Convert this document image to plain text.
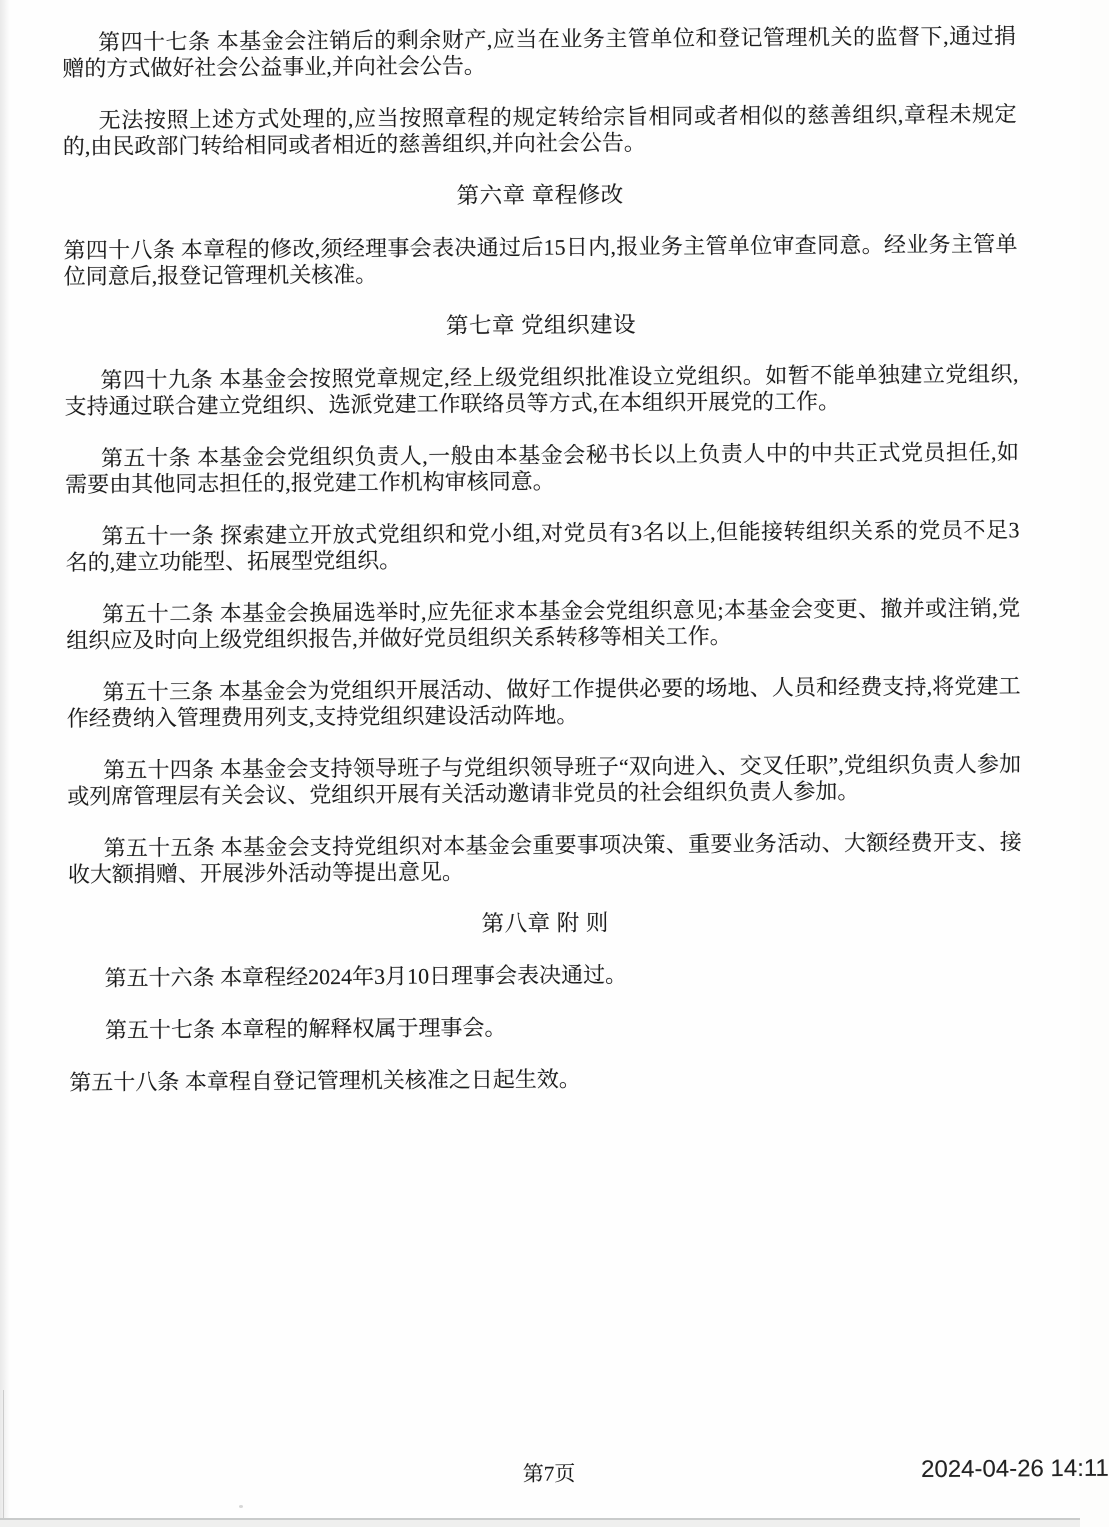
第四十七条 本基金会注销后的剩余财产,应当在业务主管单位和登记管理机关的监督下,通过捐赠的方式做好社会公益事业,并向社会公告。

无法按照上述方式处理的,应当按照章程的规定转给宗旨相同或者相似的慈善组织,章程未规定的,由民政部门转给相同或者相近的慈善组织,并向社会公告。

第六章 章程修改

第四十八条 本章程的修改,须经理事会表决通过后15日内,报业务主管单位审查同意。经业务主管单位同意后,报登记管理机关核准。

第七章 党组织建设

第四十九条 本基金会按照党章规定,经上级党组织批准设立党组织。如暂不能单独建立党组织,支持通过联合建立党组织、选派党建工作联络员等方式,在本组织开展党的工作。

第五十条 本基金会党组织负责人,一般由本基金会秘书长以上负责人中的中共正式党员担任,如需要由其他同志担任的,报党建工作机构审核同意。

第五十一条 探索建立开放式党组织和党小组,对党员有3名以上,但能接转组织关系的党员不足3名的,建立功能型、拓展型党组织。

第五十二条 本基金会换届选举时,应先征求本基金会党组织意见;本基金会变更、撤并或注销,党组织应及时向上级党组织报告,并做好党员组织关系转移等相关工作。

第五十三条 本基金会为党组织开展活动、做好工作提供必要的场地、人员和经费支持,将党建工作经费纳入管理费用列支,支持党组织建设活动阵地。

第五十四条 本基金会支持领导班子与党组织领导班子“双向进入、交叉任职”,党组织负责人参加或列席管理层有关会议、党组织开展有关活动邀请非党员的社会组织负责人参加。

第五十五条 本基金会支持党组织对本基金会重要事项决策、重要业务活动、大额经费开支、接收大额捐赠、开展涉外活动等提出意见。

第八章 附 则

第五十六条 本章程经2024年3月10日理事会表决通过。

第五十七条 本章程的解释权属于理事会。

第五十八条 本章程自登记管理机关核准之日起生效。

第7页	2024-04-26 14:11
